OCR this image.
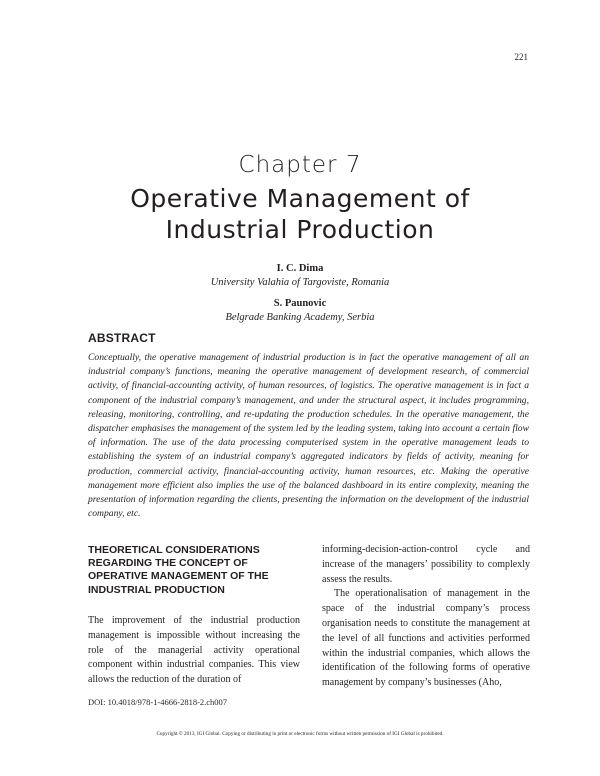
221
Chapter 7
Operative Management of
Industrial Production
I. C. Dima
University Valahia of Targoviste, Romania
S. Paunovic
Belgrade Banking Academy, Serbia
ABSTRACT
Conceptually, the operative management of industrial production is in fact the operative management of all an industrial company’s functions, meaning the operative management of development research, of commercial activity, of financial-accounting activity, of human resources, of logistics. The operative management is in fact a component of the industrial company’s management, and under the structural aspect, it includes programming, releasing, monitoring, controlling, and re-updating the production schedules. In the operative management, the dispatcher emphasises the management of the system led by the leading system, taking into account a certain flow of information. The use of the data processing computerised system in the operative management leads to establishing the system of an industrial company’s aggregated indicators by fields of activity, meaning for production, commercial activity, financial-accounting activity, human resources, etc. Making the operative management more efficient also implies the use of the balanced dashboard in its entire complexity, meaning the presentation of information regarding the clients, presenting the information on the development of the industrial company, etc.
THEORETICAL CONSIDERATIONS REGARDING THE CONCEPT OF OPERATIVE MANAGEMENT OF THE INDUSTRIAL PRODUCTION
The improvement of the industrial production management is impossible without increasing the role of the managerial activity operational component within industrial companies. This view allows the reduction of the duration of

informing-decision-action-control cycle and increase of the managers’ possibility to complexly assess the results.

The operationalisation of management in the space of the industrial company’s process organisation needs to constitute the management at the level of all functions and activities performed within the industrial companies, which allows the identification of the following forms of operative management by company’s businesses (Aho,

DOI: 10.4018/978-1-4666-2818-2.ch007
Copyright © 2013, IGI Global. Copying or distributing in print or electronic forms without written permission of IGI Global is prohibited.
